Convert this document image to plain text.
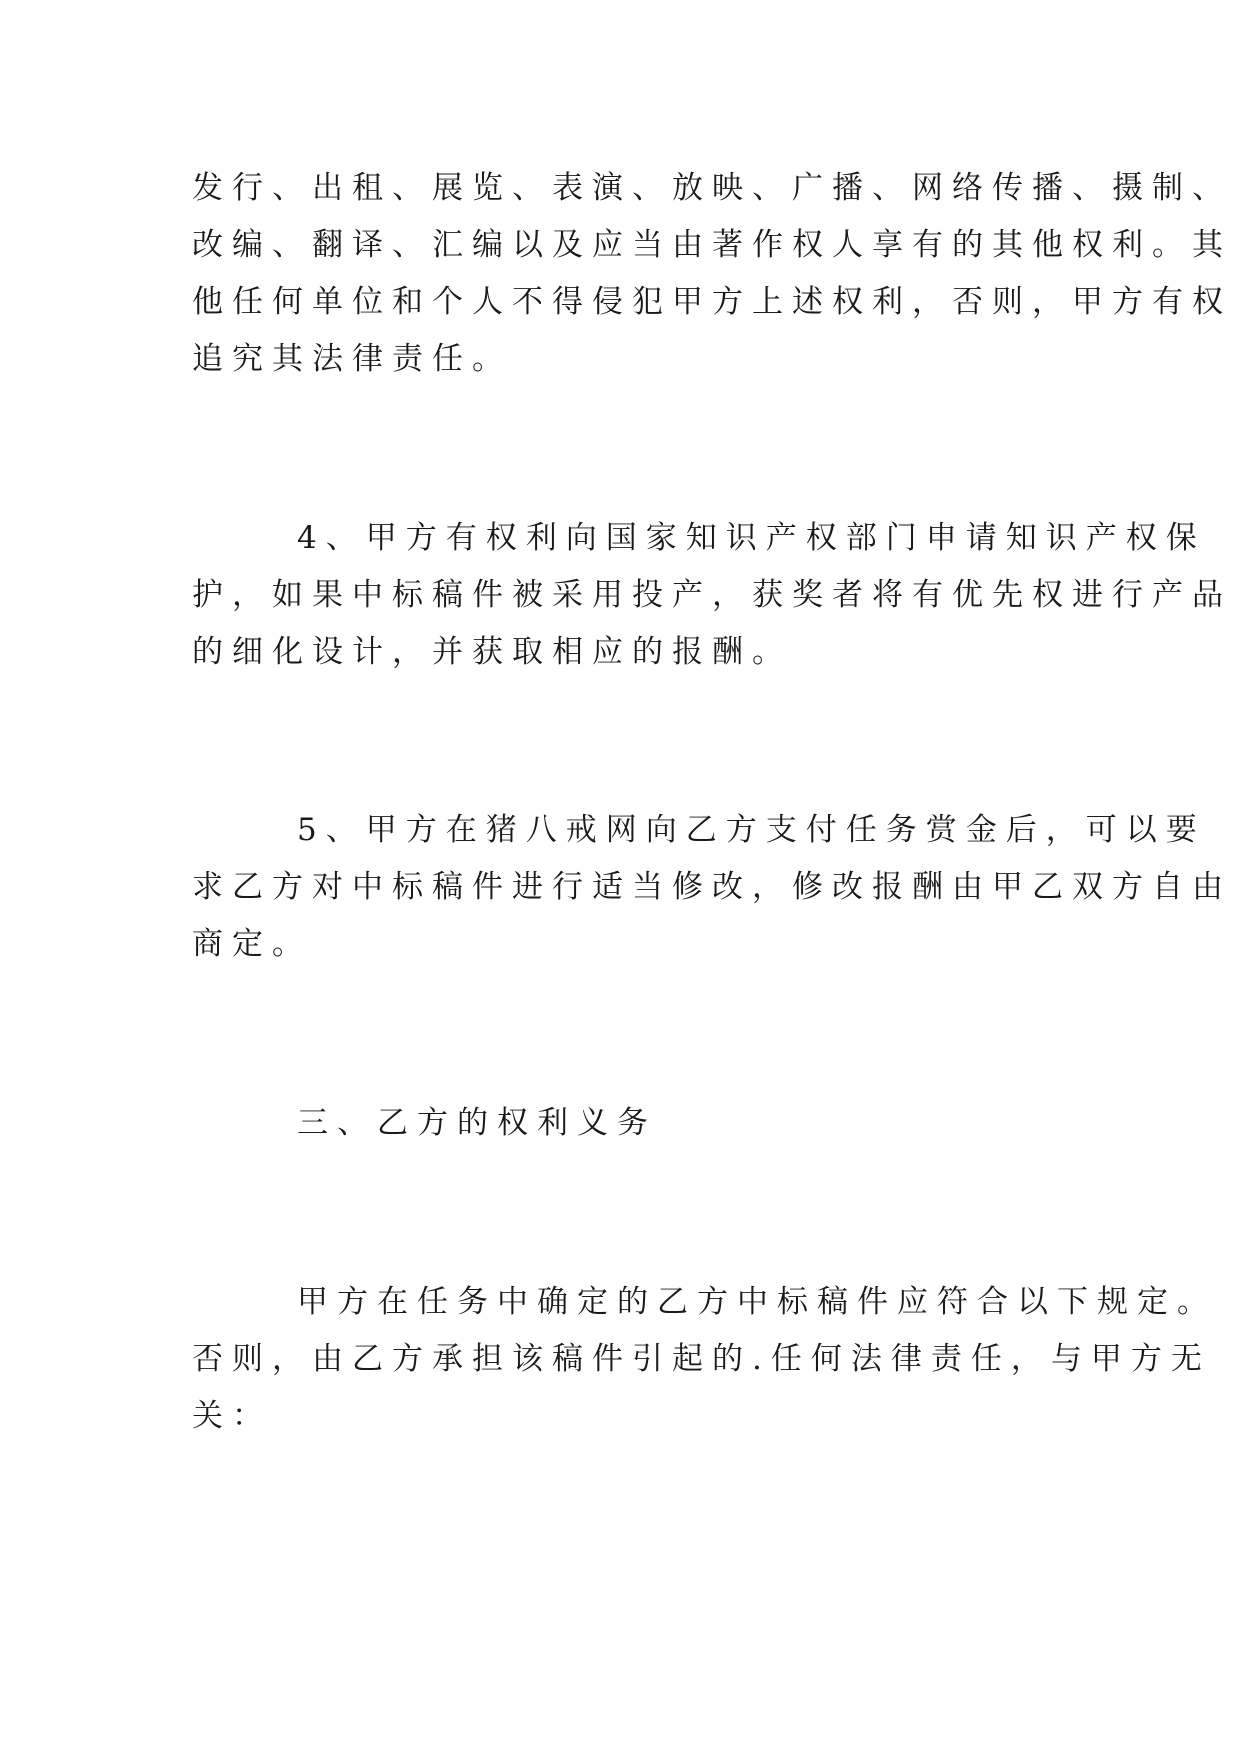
发行、出租、展览、表演、放映、广播、网络传播、摄制、
改编、翻译、汇编以及应当由著作权人享有的其他权利。其
他任何单位和个人不得侵犯甲方上述权利，否则，甲方有权
追究其法律责任。
4、甲方有权利向国家知识产权部门申请知识产权保
护，如果中标稿件被采用投产，获奖者将有优先权进行产品
的细化设计，并获取相应的报酬。
5、甲方在猪八戒网向乙方支付任务赏金后，可以要
求乙方对中标稿件进行适当修改，修改报酬由甲乙双方自由
商定。
三、乙方的权利义务
甲方在任务中确定的乙方中标稿件应符合以下规定。
否则，由乙方承担该稿件引起的.任何法律责任，与甲方无
关：
